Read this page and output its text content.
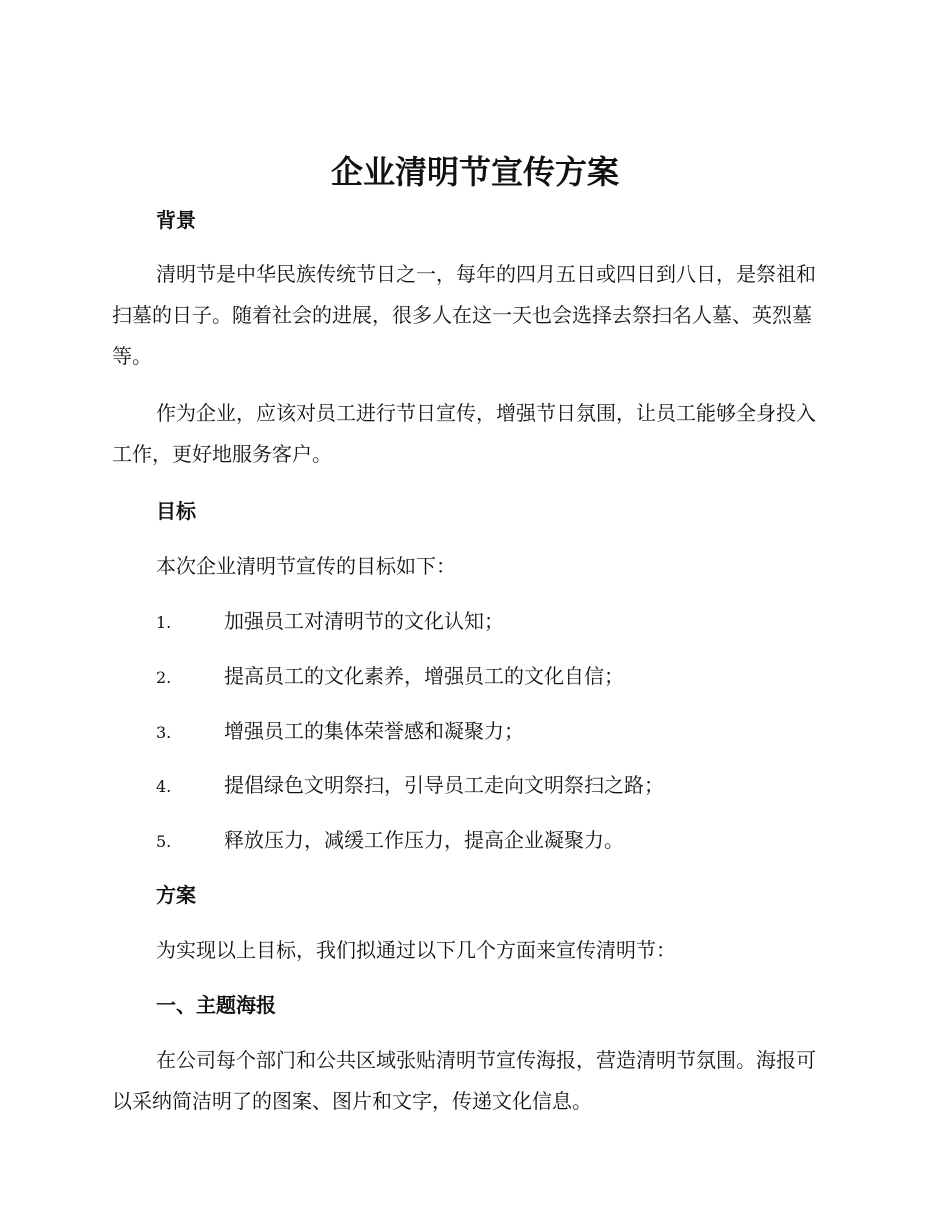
企业清明节宣传方案
背景

清明节是中华民族传统节日之一，每年的四月五日或四日到八日，是祭祖和扫墓的日子。随着社会的进展，很多人在这一天也会选择去祭扫名人墓、英烈墓等。

作为企业，应该对员工进行节日宣传，增强节日氛围，让员工能够全身投入工作，更好地服务客户。

目标
本次企业清明节宣传的目标如下：
1.	加强员工对清明节的文化认知；
2.	提高员工的文化素养，增强员工的文化自信；
3.	增强员工的集体荣誉感和凝聚力；
4.	提倡绿色文明祭扫，引导员工走向文明祭扫之路；
5.	释放压力，减缓工作压力，提高企业凝聚力。
方案
为实现以上目标，我们拟通过以下几个方面来宣传清明节：
一、主题海报

在公司每个部门和公共区域张贴清明节宣传海报，营造清明节氛围。海报可以采纳简洁明了的图案、图片和文字，传递文化信息。
